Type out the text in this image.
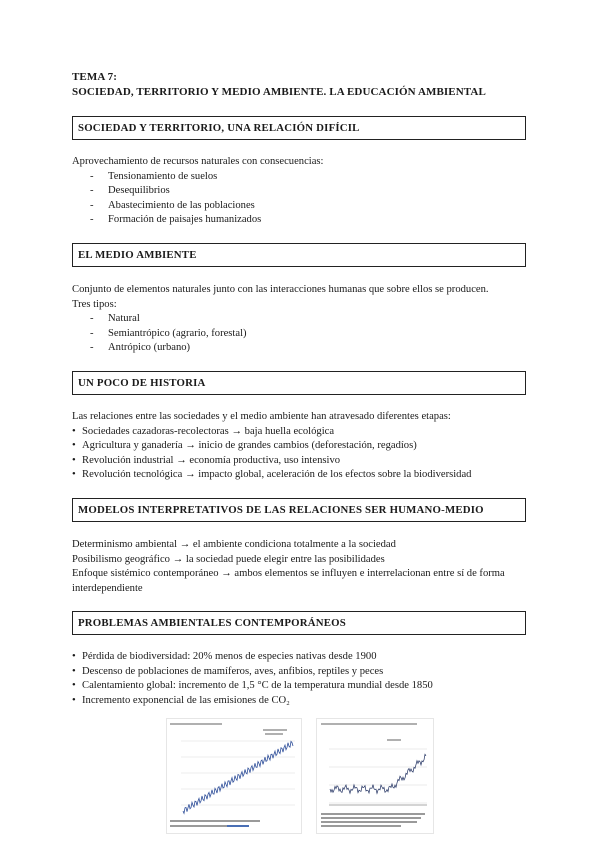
TEMA 7:
SOCIEDAD, TERRITORIO Y MEDIO AMBIENTE. LA EDUCACIÓN AMBIENTAL
SOCIEDAD Y TERRITORIO, UNA RELACIÓN DIFÍCIL

Aprovechamiento de recursos naturales con consecuencias:

- Tensionamiento de suelos
- Desequilibrios
- Abastecimiento de las poblaciones
- Formación de paisajes humanizados
EL MEDIO AMBIENTE

Conjunto de elementos naturales junto con las interacciones humanas que sobre ellos se producen.

Tres tipos:

- Natural
- Semiantrópico (agrario, forestal)
- Antrópico (urbano)
UN POCO DE HISTORIA

Las relaciones entre las sociedades y el medio ambiente han atravesado diferentes etapas:

• Sociedades cazadoras-recolectoras → baja huella ecológica
• Agricultura y ganadería → inicio de grandes cambios (deforestación, regadíos)
• Revolución industrial → economía productiva, uso intensivo
• Revolución tecnológica → impacto global, aceleración de los efectos sobre la biodiversidad
MODELOS INTERPRETATIVOS DE LAS RELACIONES SER HUMANO-MEDIO

Determinismo ambiental → el ambiente condiciona totalmente a la sociedad

Posibilismo geográfico → la sociedad puede elegir entre las posibilidades

Enfoque sistémico contemporáneo → ambos elementos se influyen e interrelacionan entre sí de forma interdependiente

PROBLEMAS AMBIENTALES CONTEMPORÁNEOS
• Pérdida de biodiversidad: 20% menos de especies nativas desde 1900
• Descenso de poblaciones de mamíferos, aves, anfibios, reptiles y peces
• Calentamiento global: incremento de 1,5 °C de la temperatura mundial desde 1850
• Incremento exponencial de las emisiones de CO₂
